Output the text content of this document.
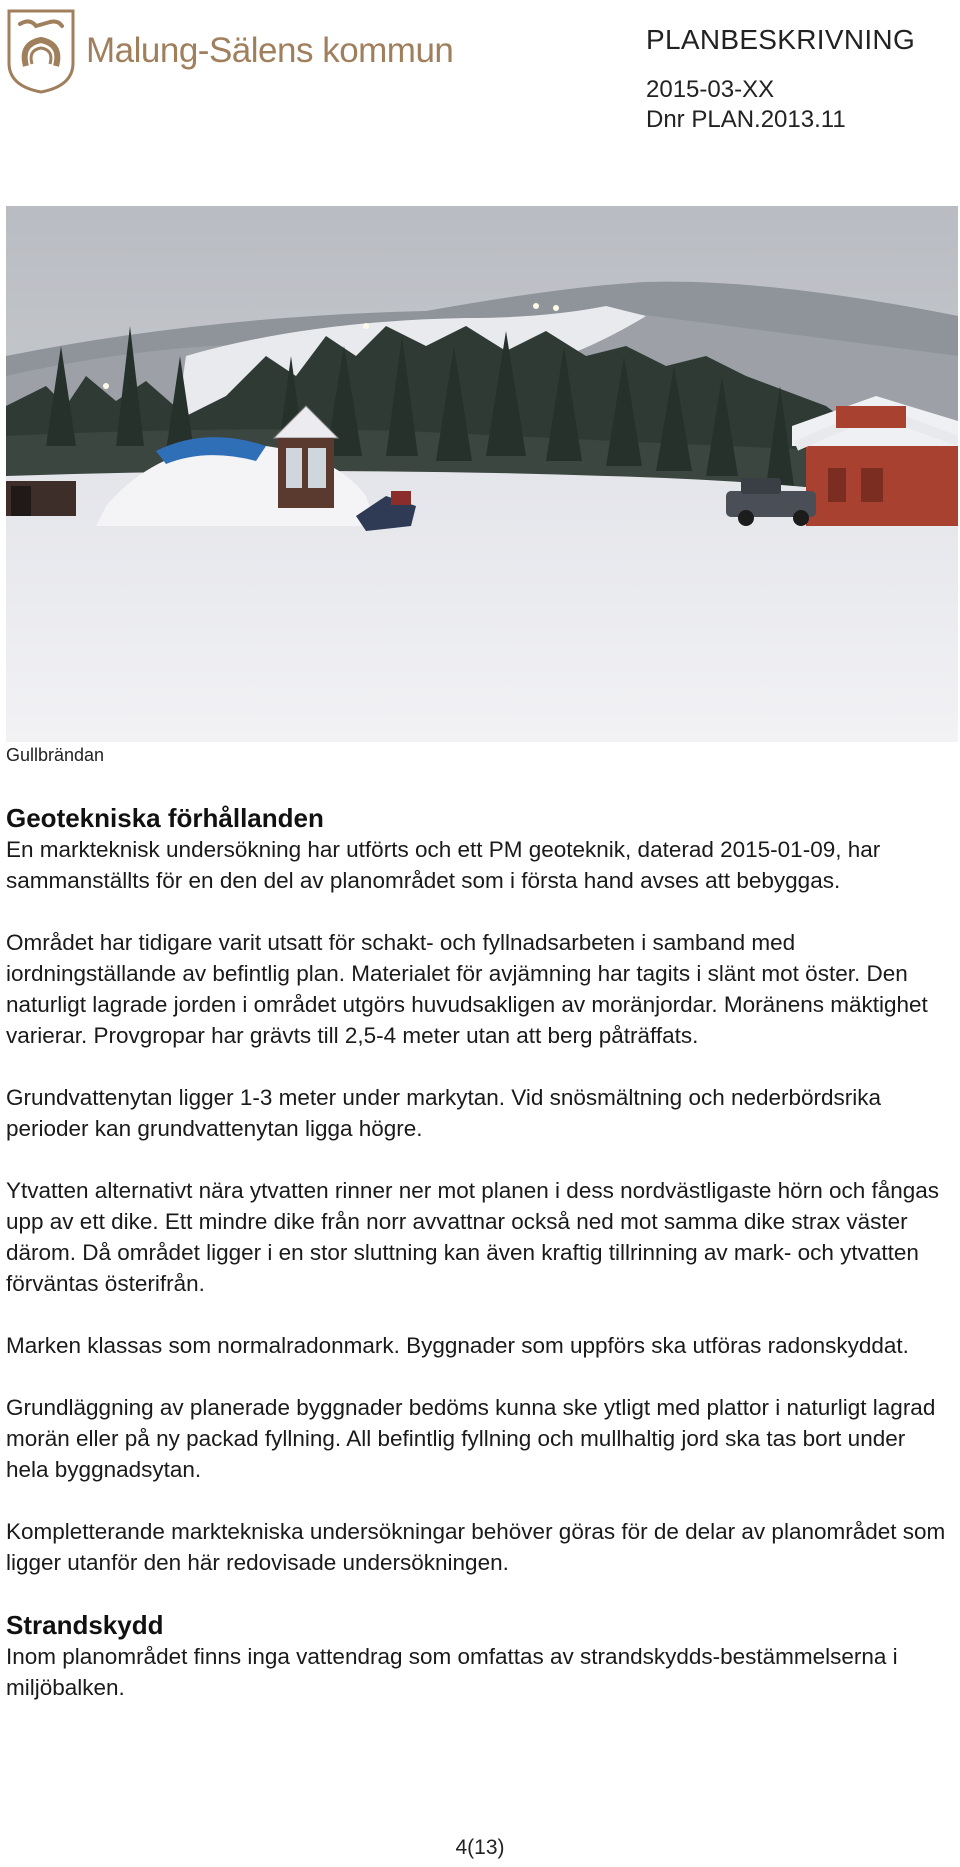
Malung-Sälens kommun	PLANBESKRIVNING
2015-03-XX
Dnr PLAN.2013.11
Gullbrändan
Geotekniska förhållanden

En markteknisk undersökning har utförts och ett PM geoteknik, daterad 2015-01-09, har sammanställts för en den del av planområdet som i första hand avses att bebyggas.

Området har tidigare varit utsatt för schakt- och fyllnadsarbeten i samband med iordningställande av befintlig plan. Materialet för avjämning har tagits i slänt mot öster. Den naturligt lagrade jorden i området utgörs huvudsakligen av moränjordar. Moränens mäktighet varierar. Provgropar har grävts till 2,5-4 meter utan att berg påträffats.

Grundvattenytan ligger 1-3 meter under markytan. Vid snösmältning och nederbördsrika perioder kan grundvattenytan ligga högre.

Ytvatten alternativt nära ytvatten rinner ner mot planen i dess nordvästligaste hörn och fångas upp av ett dike. Ett mindre dike från norr avvattnar också ned mot samma dike strax väster därom. Då området ligger i en stor sluttning kan även kraftig tillrinning av mark- och ytvatten förväntas österifrån.

Marken klassas som normalradonmark. Byggnader som uppförs ska utföras radonskyddat.

Grundläggning av planerade byggnader bedöms kunna ske ytligt med plattor i naturligt lagrad morän eller på ny packad fyllning. All befintlig fyllning och mullhaltig jord ska tas bort under hela byggnadsytan.

Kompletterande marktekniska undersökningar behöver göras för de delar av planområdet som ligger utanför den här redovisade undersökningen.

Strandskydd

Inom planområdet finns inga vattendrag som omfattas av strandskydds-bestämmelserna i miljöbalken.

4(13)
